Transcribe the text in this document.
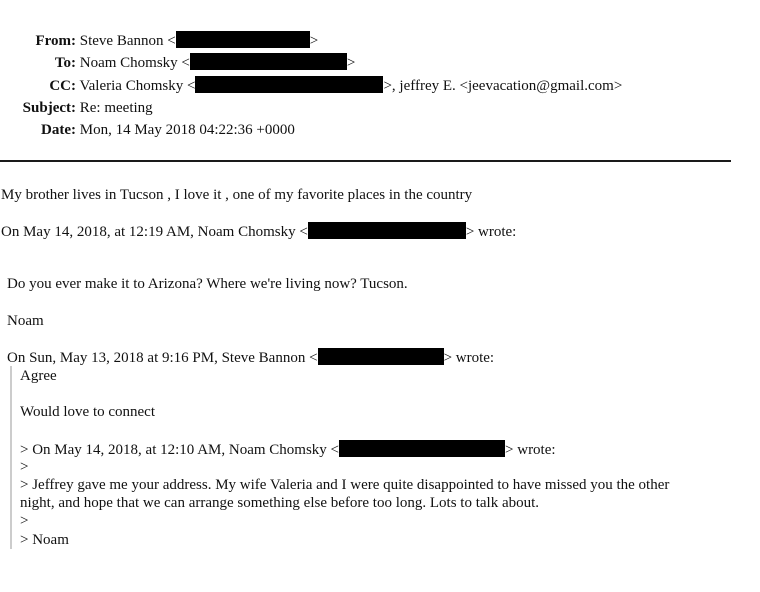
From: Steve Bannon <	>
To: Noam Chomsky <	>
CC: Valeria Chomsky <	>, jeffrey E. <jeevacation@gmail.com>
Subject: Re: meeting
Date: Mon, 14 May 2018 04:22:36 +0000
My brother lives in Tucson , I love it , one of my favorite places in the country
On May 14, 2018, at 12:19 AM, Noam Chomsky <	> wrote:
Do you ever make it to Arizona? Where we're living now? Tucson.
Noam
On Sun, May 13, 2018 at 9:16 PM, Steve Bannon <	> wrote:
Agree
Would love to connect
> On May 14, 2018, at 12:10 AM, Noam Chomsky <	> wrote:
>
> Jeffrey gave me your address. My wife Valeria and I were quite disappointed to have missed you the other
night, and hope that we can arrange something else before too long. Lots to talk about.
>
> Noam
